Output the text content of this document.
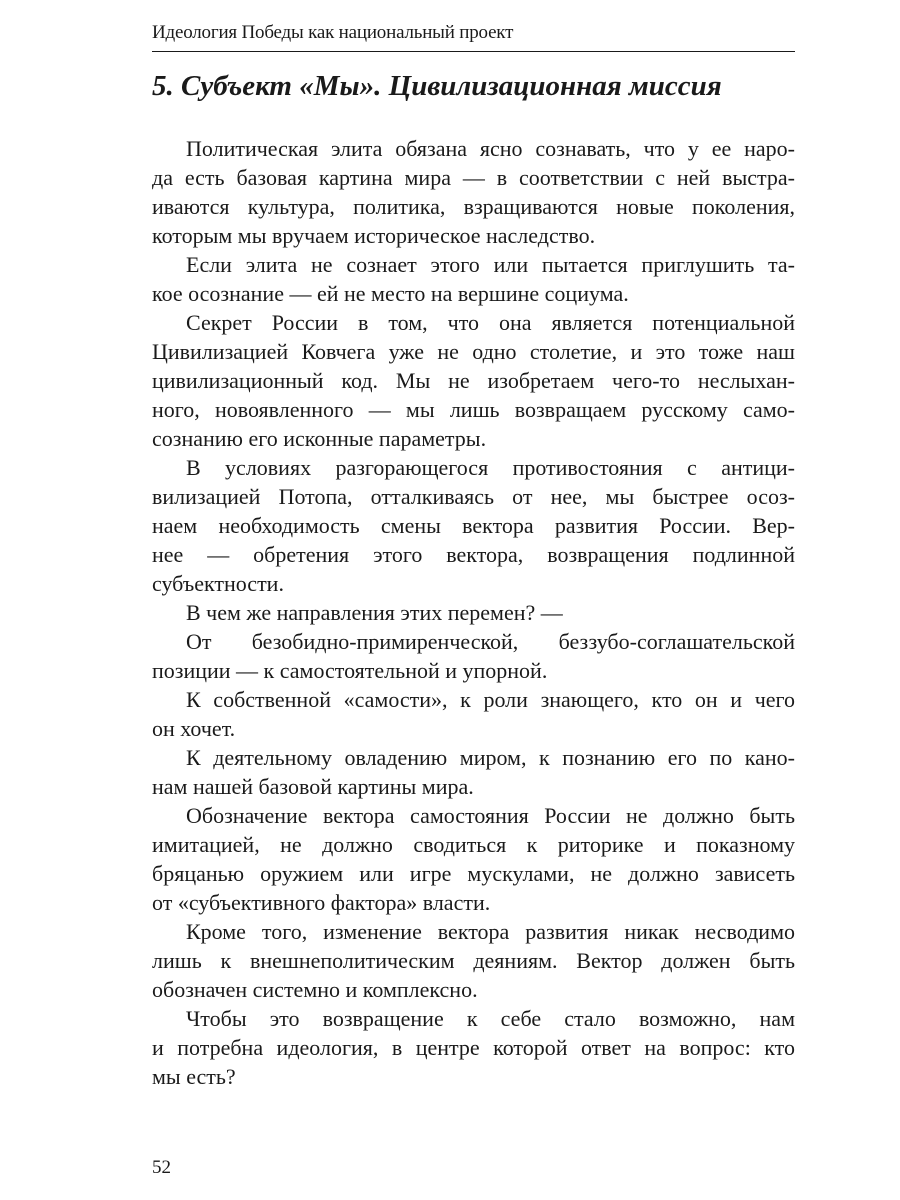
Идеология Победы как национальный проект
5. Субъект «Мы». Цивилизационная миссия
Политическая элита обязана ясно сознавать, что у ее наро-
да есть базовая картина мира — в соответствии с ней выстра-
иваются культура, политика, взращиваются новые поколения,
которым мы вручаем историческое наследство.
Если элита не сознает этого или пытается приглушить та-
кое осознание — ей не место на вершине социума.
Секрет России в том, что она является потенциальной
Цивилизацией Ковчега уже не одно столетие, и это тоже наш
цивилизационный код. Мы не изобретаем чего-то неслыхан-
ного, новоявленного — мы лишь возвращаем русскому само-
сознанию его исконные параметры.
В условиях разгорающегося противостояния с антици-
вилизацией Потопа, отталкиваясь от нее, мы быстрее осоз-
наем необходимость смены вектора развития России. Вер-
нее — обретения этого вектора, возвращения подлинной
субъектности.
В чем же направления этих перемен? —
От безобидно-примиренческой, беззубо-соглашательской
позиции — к самостоятельной и упорной.
К собственной «самости», к роли знающего, кто он и чего
он хочет.
К деятельному овладению миром, к познанию его по кано-
нам нашей базовой картины мира.
Обозначение вектора самостояния России не должно быть
имитацией, не должно сводиться к риторике и показному
бряцанью оружием или игре мускулами, не должно зависеть
от «субъективного фактора» власти.
Кроме того, изменение вектора развития никак несводимо
лишь к внешнеполитическим деяниям. Вектор должен быть
обозначен системно и комплексно.
Чтобы это возвращение к себе стало возможно, нам
и потребна идеология, в центре которой ответ на вопрос: кто
мы есть?
52
